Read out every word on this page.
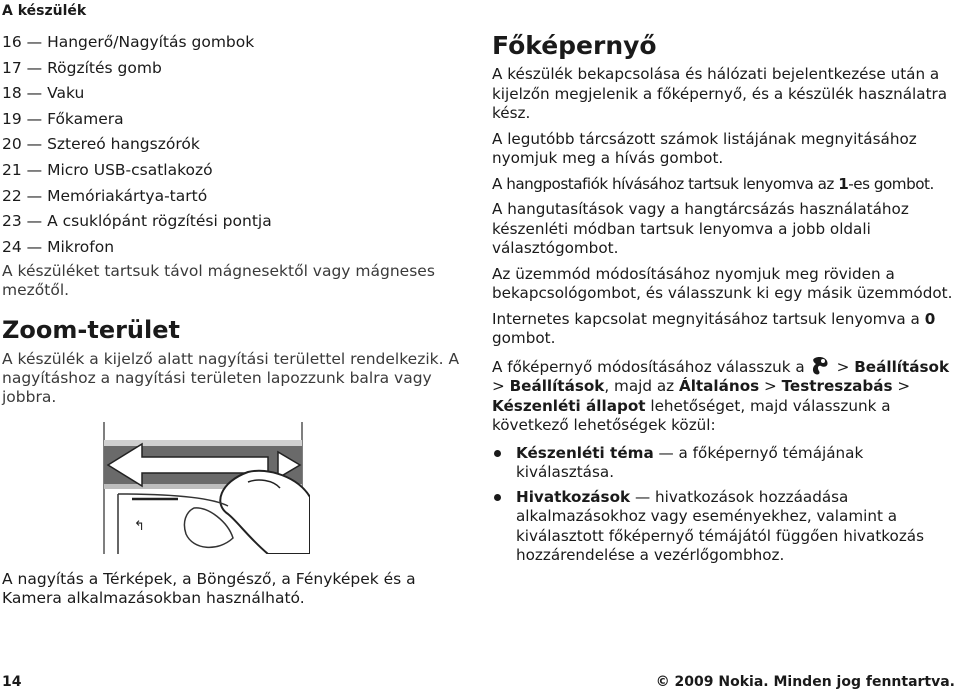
A készülék
16 — Hangerő/Nagyítás gombok
17 — Rögzítés gomb
18 — Vaku
19 — Főkamera
20 — Sztereó hangszórók
21 — Micro USB-csatlakozó
22 — Memóriakártya-tartó
23 — A csuklópánt rögzítési pontja
24 — Mikrofon

A készüléket tartsuk távol mágnesektől vagy mágneses mezőtől.

Zoom-terület

A készülék a kijelző alatt nagyítási területtel rendelkezik. A nagyításhoz a nagyítási területen lapozzunk balra vagy jobbra.

A nagyítás a Térképek, a Böngésző, a Fényképek és a Kamera alkalmazásokban használható.

↰
Főképernyő

A készülék bekapcsolása és hálózati bejelentkezése után a kijelzőn megjelenik a főképernyő, és a készülék használatra kész.

A legutóbb tárcsázott számok listájának megnyitásához nyomjuk meg a hívás gombot.

A hangpostafiók hívásához tartsuk lenyomva az 1-es gombot.

A hangutasítások vagy a hangtárcsázás használatához készenléti módban tartsuk lenyomva a jobb oldali választógombot.

Az üzemmód módosításához nyomjuk meg röviden a bekapcsológombot, és válasszunk ki egy másik üzemmódot.

Internetes kapcsolat megnyitásához tartsuk lenyomva a 0 gombot.

A főképernyő módosításához válasszuk a > Beállítások > Beállítások, majd az Általános > Testreszabás > Készenléti állapot lehetőséget, majd válasszunk a következő lehetőségek közül:

Készenléti téma — a főképernyő témájának kiválasztása.
Hivatkozások — hivatkozások hozzáadása alkalmazásokhoz vagy eseményekhez, valamint a kiválasztott főképernyő témájától függően hivatkozás hozzárendelése a vezérlőgombhoz.
14	© 2009 Nokia. Minden jog fenntartva.
